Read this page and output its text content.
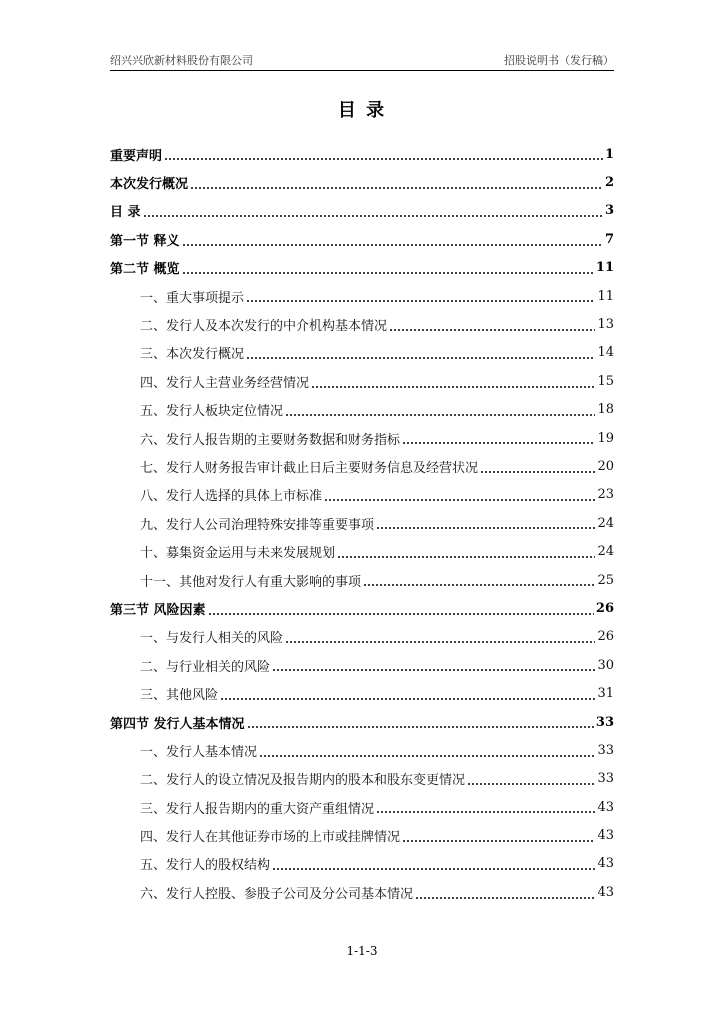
绍兴兴欣新材料股份有限公司	招股说明书（发行稿）
目 录
重要声明	1
本次发行概况	2
目 录	3
第一节 释义	7
第二节 概览	11
一、重大事项提示	11
二、发行人及本次发行的中介机构基本情况	13
三、本次发行概况	14
四、发行人主营业务经营情况	15
五、发行人板块定位情况	18
六、发行人报告期的主要财务数据和财务指标	19
七、发行人财务报告审计截止日后主要财务信息及经营状况	20
八、发行人选择的具体上市标准	23
九、发行人公司治理特殊安排等重要事项	24
十、募集资金运用与未来发展规划	24
十一、其他对发行人有重大影响的事项	25
第三节 风险因素	26
一、与发行人相关的风险	26
二、与行业相关的风险	30
三、其他风险	31
第四节 发行人基本情况	33
一、发行人基本情况	33
二、发行人的设立情况及报告期内的股本和股东变更情况	33
三、发行人报告期内的重大资产重组情况	43
四、发行人在其他证券市场的上市或挂牌情况	43
五、发行人的股权结构	43
六、发行人控股、参股子公司及分公司基本情况	43
1-1-3
